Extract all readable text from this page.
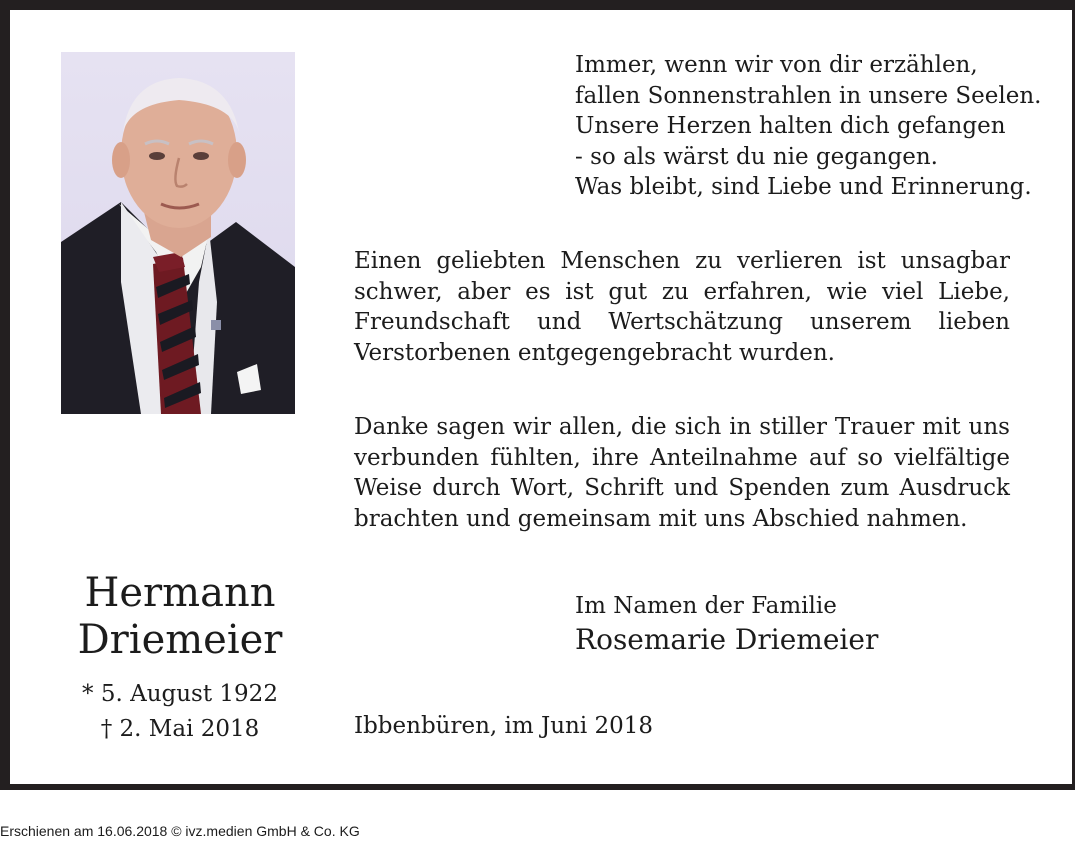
Immer, wenn wir von dir erzählen,
fallen Sonnenstrahlen in unsere Seelen.
Unsere Herzen halten dich gefangen
- so als wärst du nie gegangen.
Was bleibt, sind Liebe und Erinnerung.
Einen geliebten Menschen zu verlieren ist unsagbar schwer, aber es ist gut zu erfahren, wie viel Liebe, Freundschaft und Wertschätzung unserem lieben Verstorbenen entgegengebracht wurden.
Danke sagen wir allen, die sich in stiller Trauer mit uns verbunden fühlten, ihre Anteilnahme auf so vielfältige Weise durch Wort, Schrift und Spenden zum Ausdruck brachten und gemeinsam mit uns Abschied nahmen.
Hermann
Driemeier
* 5. August 1922
† 2. Mai 2018
Im Namen der Familie
Rosemarie Driemeier
Ibbenbüren, im Juni 2018
Erschienen am 16.06.2018 © ivz.medien GmbH & Co. KG
